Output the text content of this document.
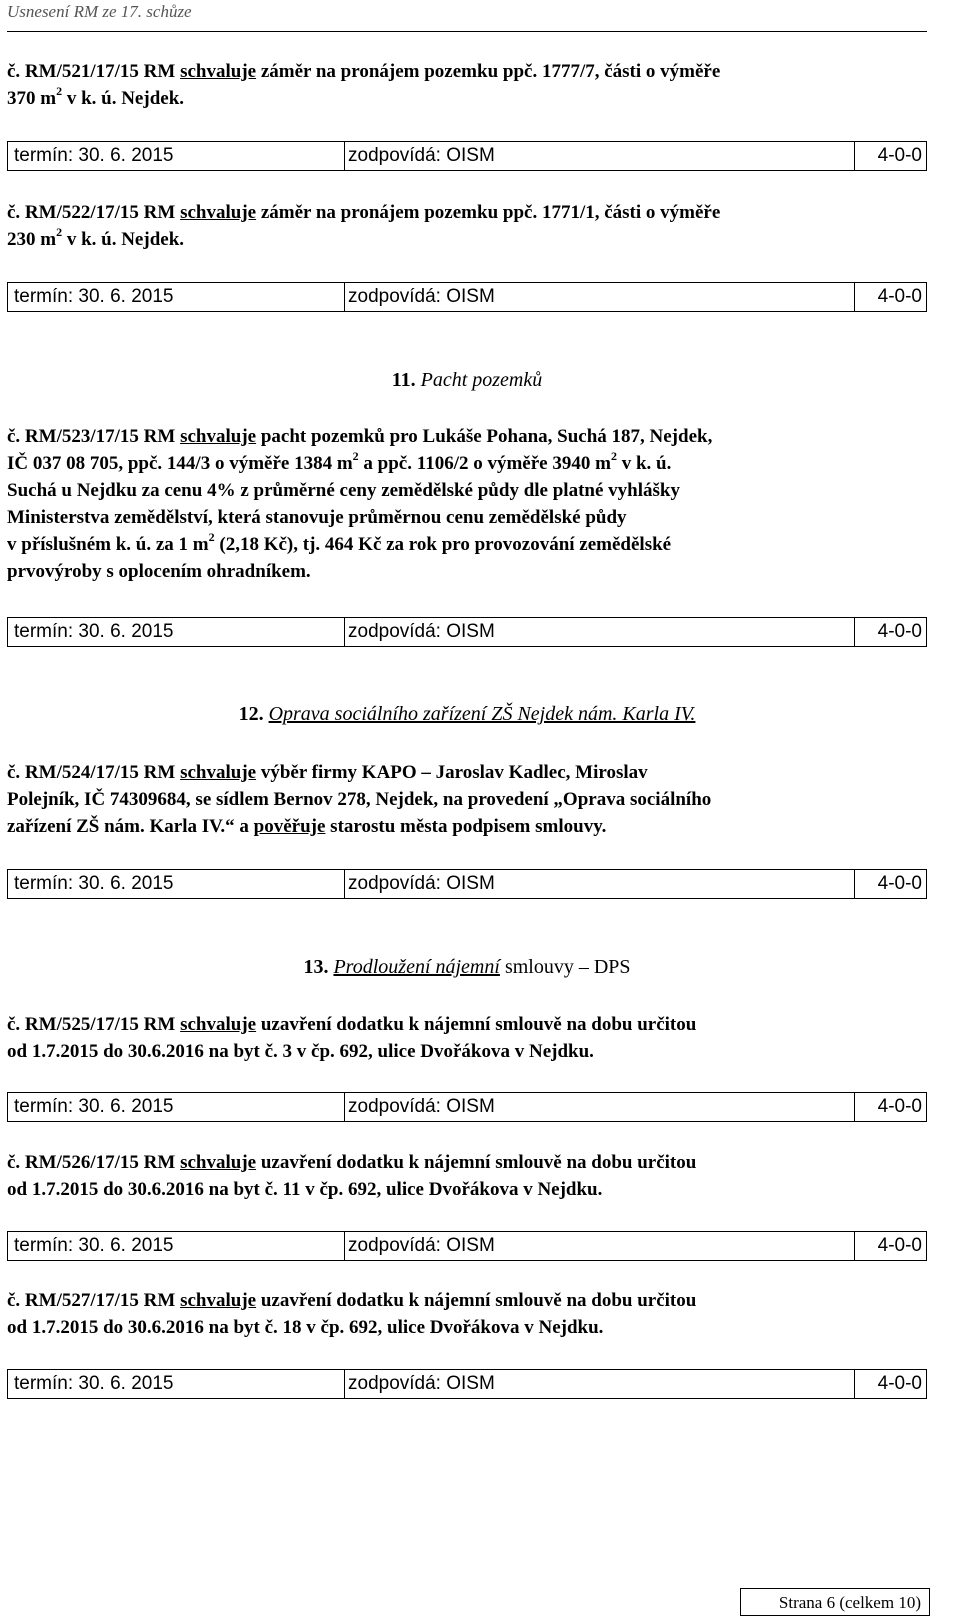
Usnesení RM ze 17. schůze
č. RM/521/17/15 RM schvaluje záměr na pronájem pozemku ppč. 1777/7, části o výměře
370 $m^2$ v k. ú. Nejdek.
termín: 30. 6. 2015	zodpovídá: OISM	4-0-0
č. RM/522/17/15 RM schvaluje záměr na pronájem pozemku ppč. 1771/1, části o výměře
230 $m^2$ v k. ú. Nejdek.
termín: 30. 6. 2015	zodpovídá: OISM	4-0-0
11. Pacht pozemků
č. RM/523/17/15 RM schvaluje pacht pozemků pro Lukáše Pohana, Suchá 187, Nejdek,
IČ 037 08 705, ppč. 144/3 o výměře 1384 $m^2$ a ppč. 1106/2 o výměře 3940 $m^2$ v k. ú.
Suchá u Nejdku za cenu 4% z průměrné ceny zemědělské půdy dle platné vyhlášky
Ministerstva zemědělství, která stanovuje průměrnou cenu zemědělské půdy
v příslušném k. ú. za 1 $m^2$ (2,18 Kč), tj. 464 Kč za rok pro provozování zemědělské
prvovýroby s oplocením ohradníkem.
termín: 30. 6. 2015	zodpovídá: OISM	4-0-0
12. Oprava sociálního zařízení ZŠ Nejdek nám. Karla IV.
č. RM/524/17/15 RM schvaluje výběr firmy KAPO – Jaroslav Kadlec, Miroslav
Polejník, IČ 74309684, se sídlem Bernov 278, Nejdek, na provedení „Oprava sociálního
zařízení ZŠ nám. Karla IV.“ a pověřuje starostu města podpisem smlouvy.
termín: 30. 6. 2015	zodpovídá: OISM	4-0-0
13. Prodloužení nájemní smlouvy – DPS
č. RM/525/17/15 RM schvaluje uzavření dodatku k nájemní smlouvě na dobu určitou
od 1.7.2015 do 30.6.2016 na byt č. 3 v čp. 692, ulice Dvořákova v Nejdku.
termín: 30. 6. 2015	zodpovídá: OISM	4-0-0
č. RM/526/17/15 RM schvaluje uzavření dodatku k nájemní smlouvě na dobu určitou
od 1.7.2015 do 30.6.2016 na byt č. 11 v čp. 692, ulice Dvořákova v Nejdku.
termín: 30. 6. 2015	zodpovídá: OISM	4-0-0
č. RM/527/17/15 RM schvaluje uzavření dodatku k nájemní smlouvě na dobu určitou
od 1.7.2015 do 30.6.2016 na byt č. 18 v čp. 692, ulice Dvořákova v Nejdku.
termín: 30. 6. 2015	zodpovídá: OISM	4-0-0
Strana 6 (celkem 10)
